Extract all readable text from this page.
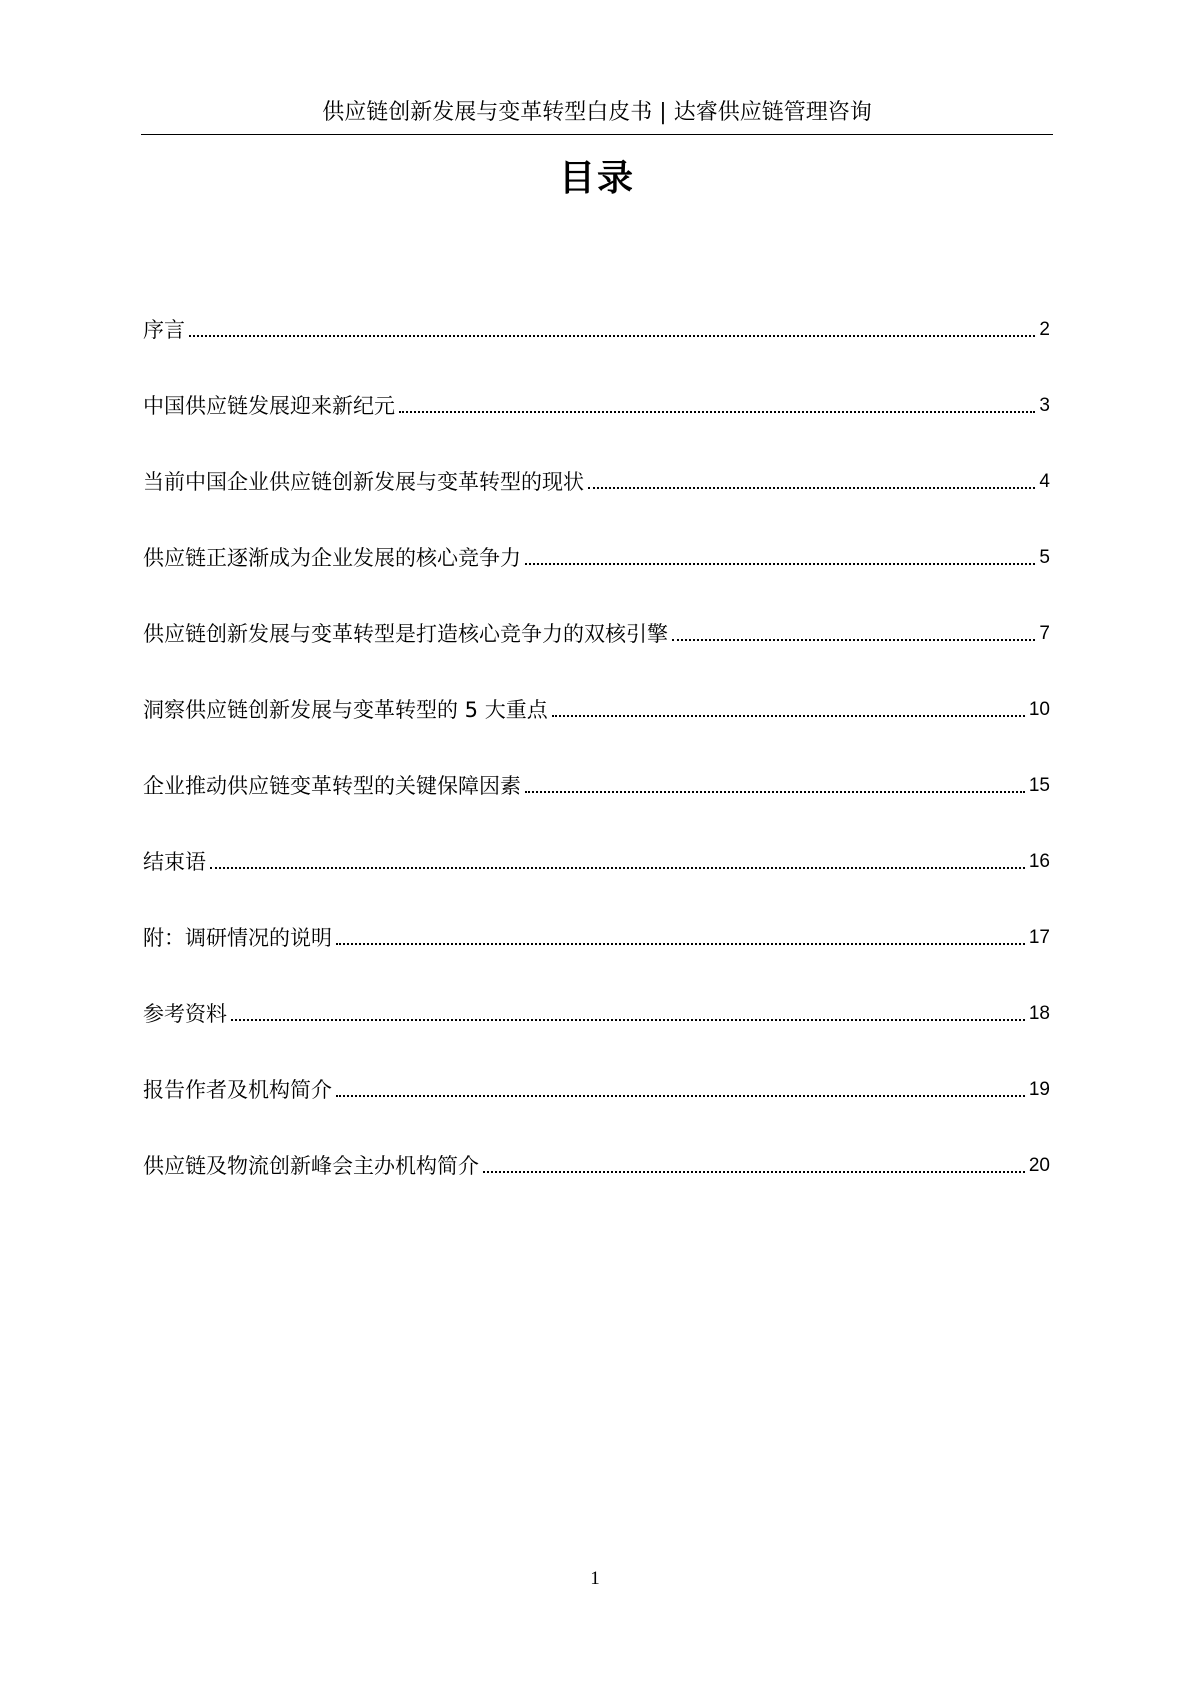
供应链创新发展与变革转型白皮书 | 达睿供应链管理咨询
目录
序言	2
中国供应链发展迎来新纪元	3
当前中国企业供应链创新发展与变革转型的现状	4
供应链正逐渐成为企业发展的核心竞争力	5
供应链创新发展与变革转型是打造核心竞争力的双核引擎	7
洞察供应链创新发展与变革转型的 5 大重点	10
企业推动供应链变革转型的关键保障因素	15
结束语	16
附：调研情况的说明	17
参考资料	18
报告作者及机构简介	19
供应链及物流创新峰会主办机构简介	20
1
